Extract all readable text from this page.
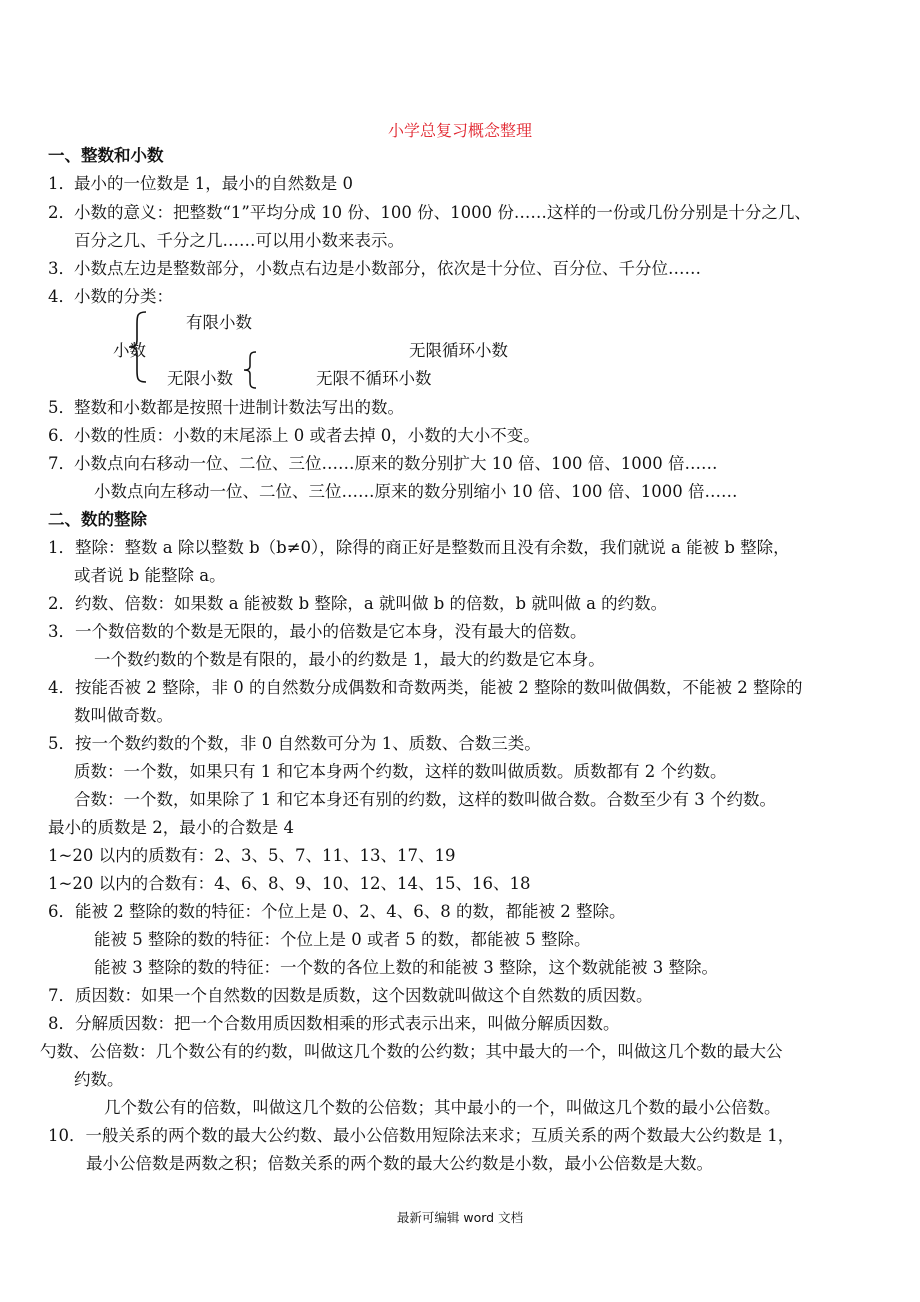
小学总复习概念整理
一、整数和小数
1．最小的一位数是 1，最小的自然数是 0
2．小数的意义：把整数“1”平均分成 10 份、100 份、1000 份……这样的一份或几份分别是十分之几、
百分之几、千分之几……可以用小数来表示。
3．小数点左边是整数部分，小数点右边是小数部分，依次是十分位、百分位、千分位……
4．小数的分类：
有限小数
小数	无限循环小数
无限小数	无限不循环小数
5．整数和小数都是按照十进制计数法写出的数。
6．小数的性质：小数的末尾添上 0 或者去掉 0，小数的大小不变。
7．小数点向右移动一位、二位、三位……原来的数分别扩大 10 倍、100 倍、1000 倍……
小数点向左移动一位、二位、三位……原来的数分别缩小 10 倍、100 倍、1000 倍……
二、数的整除
1．整除：整数 a 除以整数 b（b≠0），除得的商正好是整数而且没有余数，我们就说 a 能被 b 整除，
或者说 b 能整除 a。
2．约数、倍数：如果数 a 能被数 b 整除，a 就叫做 b 的倍数，b 就叫做 a 的约数。
3．一个数倍数的个数是无限的，最小的倍数是它本身，没有最大的倍数。
一个数约数的个数是有限的，最小的约数是 1，最大的约数是它本身。
4．按能否被 2 整除，非 0 的自然数分成偶数和奇数两类，能被 2 整除的数叫做偶数，不能被 2 整除的
数叫做奇数。
5．按一个数约数的个数，非 0 自然数可分为 1、质数、合数三类。
质数：一个数，如果只有 1 和它本身两个约数，这样的数叫做质数。质数都有 2 个约数。
合数：一个数，如果除了 1 和它本身还有别的约数，这样的数叫做合数。合数至少有 3 个约数。
最小的质数是 2，最小的合数是 4
1~20 以内的质数有：2、3、5、7、11、13、17、19
1~20 以内的合数有：4、6、8、9、10、12、14、15、16、18
6．能被 2 整除的数的特征：个位上是 0、2、4、6、8 的数，都能被 2 整除。
能被 5 整除的数的特征：个位上是 0 或者 5 的数，都能被 5 整除。
能被 3 整除的数的特征：一个数的各位上数的和能被 3 整除，这个数就能被 3 整除。
7．质因数：如果一个自然数的因数是质数，这个因数就叫做这个自然数的质因数。
8．分解质因数：把一个合数用质因数相乘的形式表示出来，叫做分解质因数。
勺数、公倍数：几个数公有的约数，叫做这几个数的公约数；其中最大的一个，叫做这几个数的最大公
约数。
几个数公有的倍数，叫做这几个数的公倍数；其中最小的一个，叫做这几个数的最小公倍数。
10．一般关系的两个数的最大公约数、最小公倍数用短除法来求；互质关系的两个数最大公约数是 1，
最小公倍数是两数之积；倍数关系的两个数的最大公约数是小数，最小公倍数是大数。
最新可编辑 word 文档
